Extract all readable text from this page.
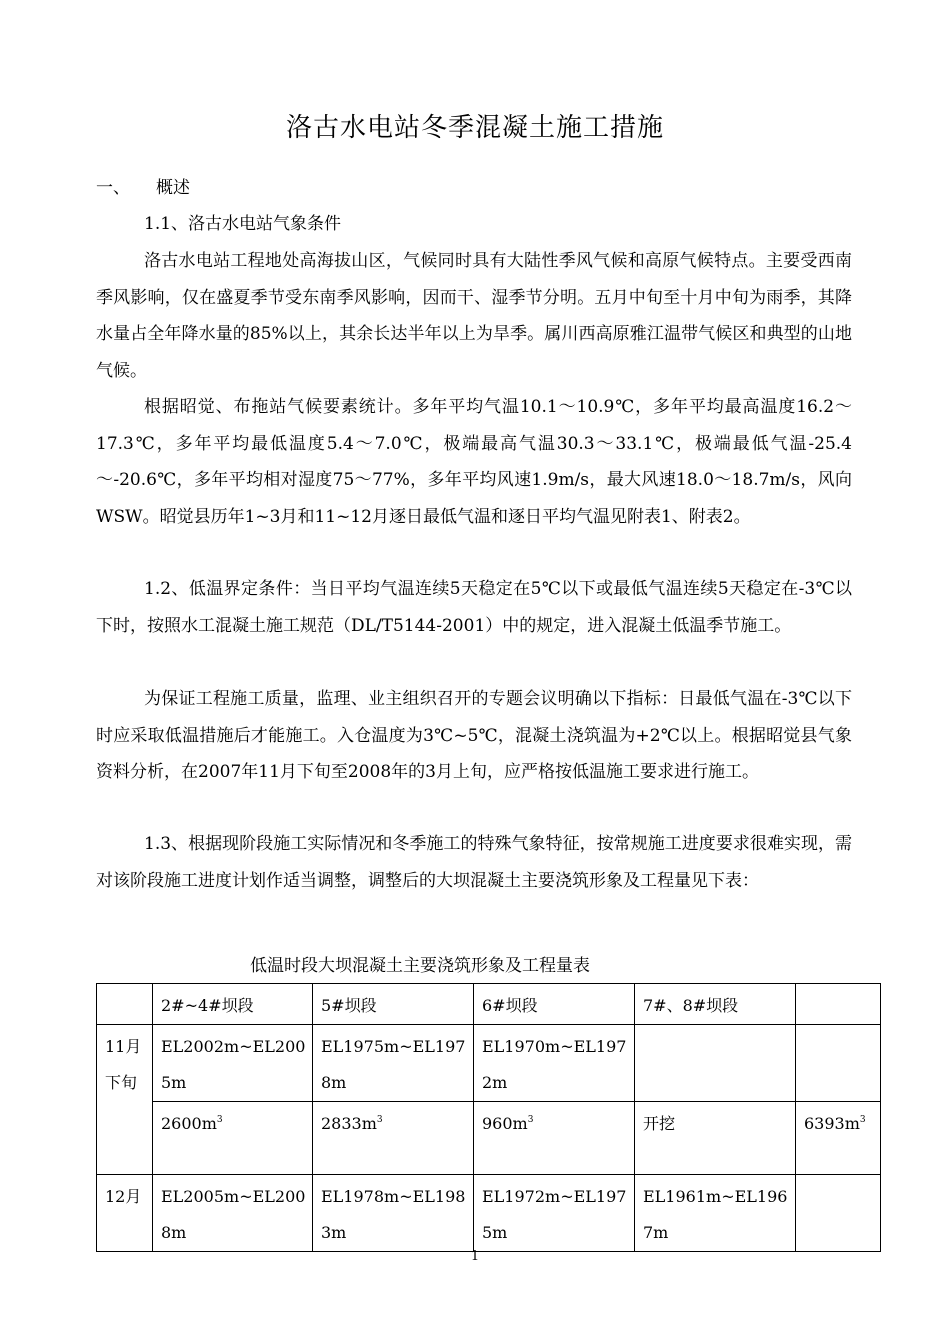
洛古水电站冬季混凝土施工措施
一、 概述

1.1、洛古水电站气象条件

洛古水电站工程地处高海拔山区，气候同时具有大陆性季风气候和高原气候特点。主要受西南季风影响，仅在盛夏季节受东南季风影响，因而干、湿季节分明。五月中旬至十月中旬为雨季，其降水量占全年降水量的85%以上，其余长达半年以上为旱季。属川西高原雅江温带气候区和典型的山地气候。

根据昭觉、布拖站气候要素统计。多年平均气温10.1～10.9℃，多年平均最高温度16.2～17.3℃，多年平均最低温度5.4～7.0℃，极端最高气温30.3～33.1℃，极端最低气温-25.4～-20.6℃，多年平均相对湿度75～77%，多年平均风速1.9m/s，最大风速18.0～18.7m/s，风向WSW。昭觉县历年1~3月和11~12月逐日最低气温和逐日平均气温见附表1、附表2。

1.2、低温界定条件：当日平均气温连续5天稳定在5℃以下或最低气温连续5天稳定在-3℃以下时，按照水工混凝土施工规范（DL/T5144-2001）中的规定，进入混凝土低温季节施工。

为保证工程施工质量，监理、业主组织召开的专题会议明确以下指标：日最低气温在-3℃以下时应采取低温措施后才能施工。入仓温度为3℃~5℃，混凝土浇筑温为+2℃以上。根据昭觉县气象资料分析，在2007年11月下旬至2008年的3月上旬，应严格按低温施工要求进行施工。

1.3、根据现阶段施工实际情况和冬季施工的特殊气象特征，按常规施工进度要求很难实现，需对该阶段施工进度计划作适当调整，调整后的大坝混凝土主要浇筑形象及工程量见下表：

低温时段大坝混凝土主要浇筑形象及工程量表
	2#~4#坝段	5#坝段	6#坝段	7#、8#坝段	
11月下旬	EL2002m~EL2005m	EL1975m~EL1978m	EL1970m~EL1972m		
	$2600m^3$	$2833m^3$	$960m^3$	开挖	$6393m^3$
12月	EL2005m~EL2008m	EL1978m~EL1983m	EL1972m~EL1975m	EL1961m~EL1967m	
1
